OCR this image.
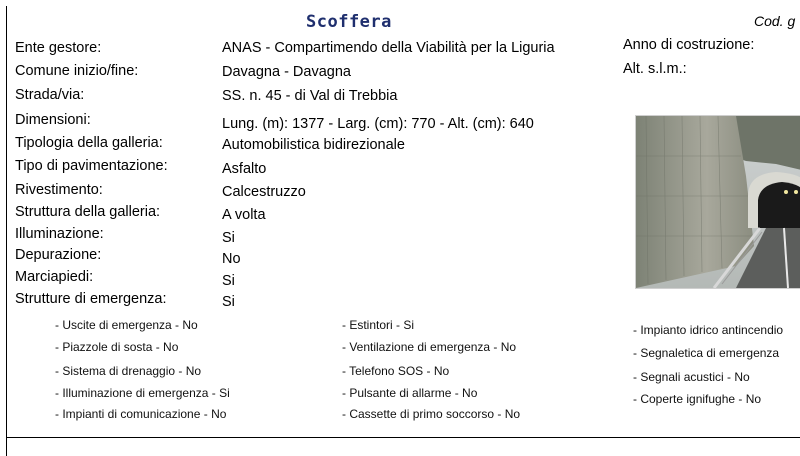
Scoffera	Cod. g
Ente gestore:	ANAS - Compartimendo della Viabilità per la Liguria
Comune inizio/fine:	Davagna - Davagna
Strada/via:	SS. n. 45 - di Val di Trebbia
Dimensioni:	Lung. (m): 1377 - Larg. (cm): 770 - Alt. (cm): 640
Tipologia della galleria:	Automobilistica bidirezionale
Tipo di pavimentazione:	Asfalto
Rivestimento:	Calcestruzzo
Struttura della galleria:	A volta
Illuminazione:	Si
Depurazione:	No
Marciapiedi:	Si
Strutture di emergenza:	Si
Anno di costruzione:
Alt. s.l.m.:
- Uscite di emergenza - No
- Piazzole di sosta - No
- Sistema di drenaggio - No
- Illuminazione di emergenza - Si
- Impianti di comunicazione - No
- Estintori - Si
- Ventilazione di emergenza - No
- Telefono SOS - No
- Pulsante di allarme - No
- Cassette di primo soccorso - No
- Impianto idrico antincendio
- Segnaletica di emergenza
- Segnali acustici - No
- Coperte ignifughe - No
